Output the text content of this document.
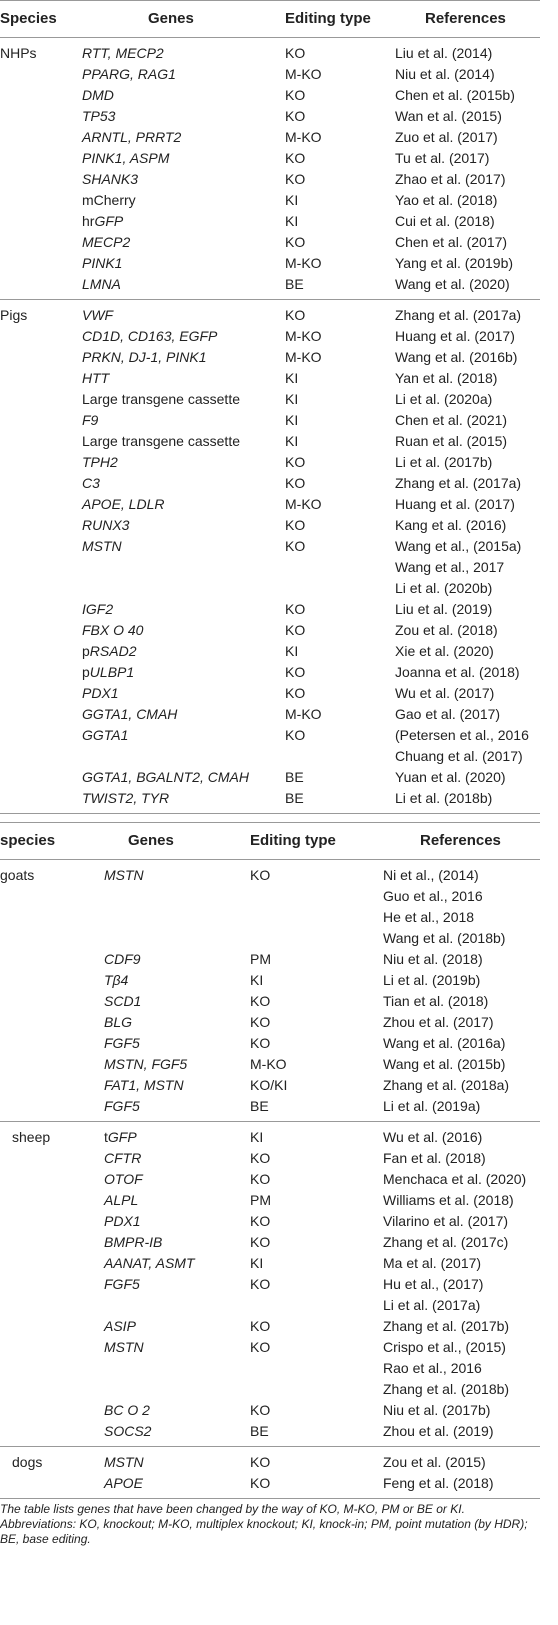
Species	Genes	Editing type	References
NHPs	RTT, MECP2	KO	Liu et al. (2014)
PPARG, RAG1	M-KO	Niu et al. (2014)
DMD	KO	Chen et al. (2015b)
TP53	KO	Wan et al. (2015)
ARNTL, PRRT2	M-KO	Zuo et al. (2017)
PINK1, ASPM	KO	Tu et al. (2017)
SHANK3	KO	Zhao et al. (2017)
mCherry	KI	Yao et al. (2018)
hrGFP	KI	Cui et al. (2018)
MECP2	KO	Chen et al. (2017)
PINK1	M-KO	Yang et al. (2019b)
LMNA	BE	Wang et al. (2020)
Pigs	VWF	KO	Zhang et al. (2017a)
CD1D, CD163, EGFP	M-KO	Huang et al. (2017)
PRKN, DJ-1, PINK1	M-KO	Wang et al. (2016b)
HTT	KI	Yan et al. (2018)
Large transgene cassette	KI	Li et al. (2020a)
F9	KI	Chen et al. (2021)
Large transgene cassette	KI	Ruan et al. (2015)
TPH2	KO	Li et al. (2017b)
C3	KO	Zhang et al. (2017a)
APOE, LDLR	M-KO	Huang et al. (2017)
RUNX3	KO	Kang et al. (2016)
MSTN	KO	Wang et al., (2015a)
Wang et al., 2017
Li et al. (2020b)
IGF2	KO	Liu et al. (2019)
FBX O 40	KO	Zou et al. (2018)
pRSAD2	KI	Xie et al. (2020)
pULBP1	KO	Joanna et al. (2018)
PDX1	KO	Wu et al. (2017)
GGTA1, CMAH	M-KO	Gao et al. (2017)
GGTA1	KO	(Petersen et al., 2016
Chuang et al. (2017)
GGTA1, BGALNT2, CMAH	BE	Yuan et al. (2020)
TWIST2, TYR	BE	Li et al. (2018b)
species	Genes	Editing type	References
goats	MSTN	KO	Ni et al., (2014)
Guo et al., 2016
He et al., 2018
Wang et al. (2018b)
CDF9	PM	Niu et al. (2018)
Tβ4	KI	Li et al. (2019b)
SCD1	KO	Tian et al. (2018)
BLG	KO	Zhou et al. (2017)
FGF5	KO	Wang et al. (2016a)
MSTN, FGF5	M-KO	Wang et al. (2015b)
FAT1, MSTN	KO/KI	Zhang et al. (2018a)
FGF5	BE	Li et al. (2019a)
sheep	tGFP	KI	Wu et al. (2016)
CFTR	KO	Fan et al. (2018)
OTOF	KO	Menchaca et al. (2020)
ALPL	PM	Williams et al. (2018)
PDX1	KO	Vilarino et al. (2017)
BMPR-IB	KO	Zhang et al. (2017c)
AANAT, ASMT	KI	Ma et al. (2017)
FGF5	KO	Hu et al., (2017)
Li et al. (2017a)
ASIP	KO	Zhang et al. (2017b)
MSTN	KO	Crispo et al., (2015)
Rao et al., 2016
Zhang et al. (2018b)
BC O 2	KO	Niu et al. (2017b)
SOCS2	BE	Zhou et al. (2019)
dogs	MSTN	KO	Zou et al. (2015)
APOE	KO	Feng et al. (2018)
The table lists genes that have been changed by the way of KO, M-KO, PM or BE or KI.
Abbreviations: KO, knockout; M-KO, multiplex knockout; KI, knock-in; PM, point mutation (by HDR); BE, base editing.
